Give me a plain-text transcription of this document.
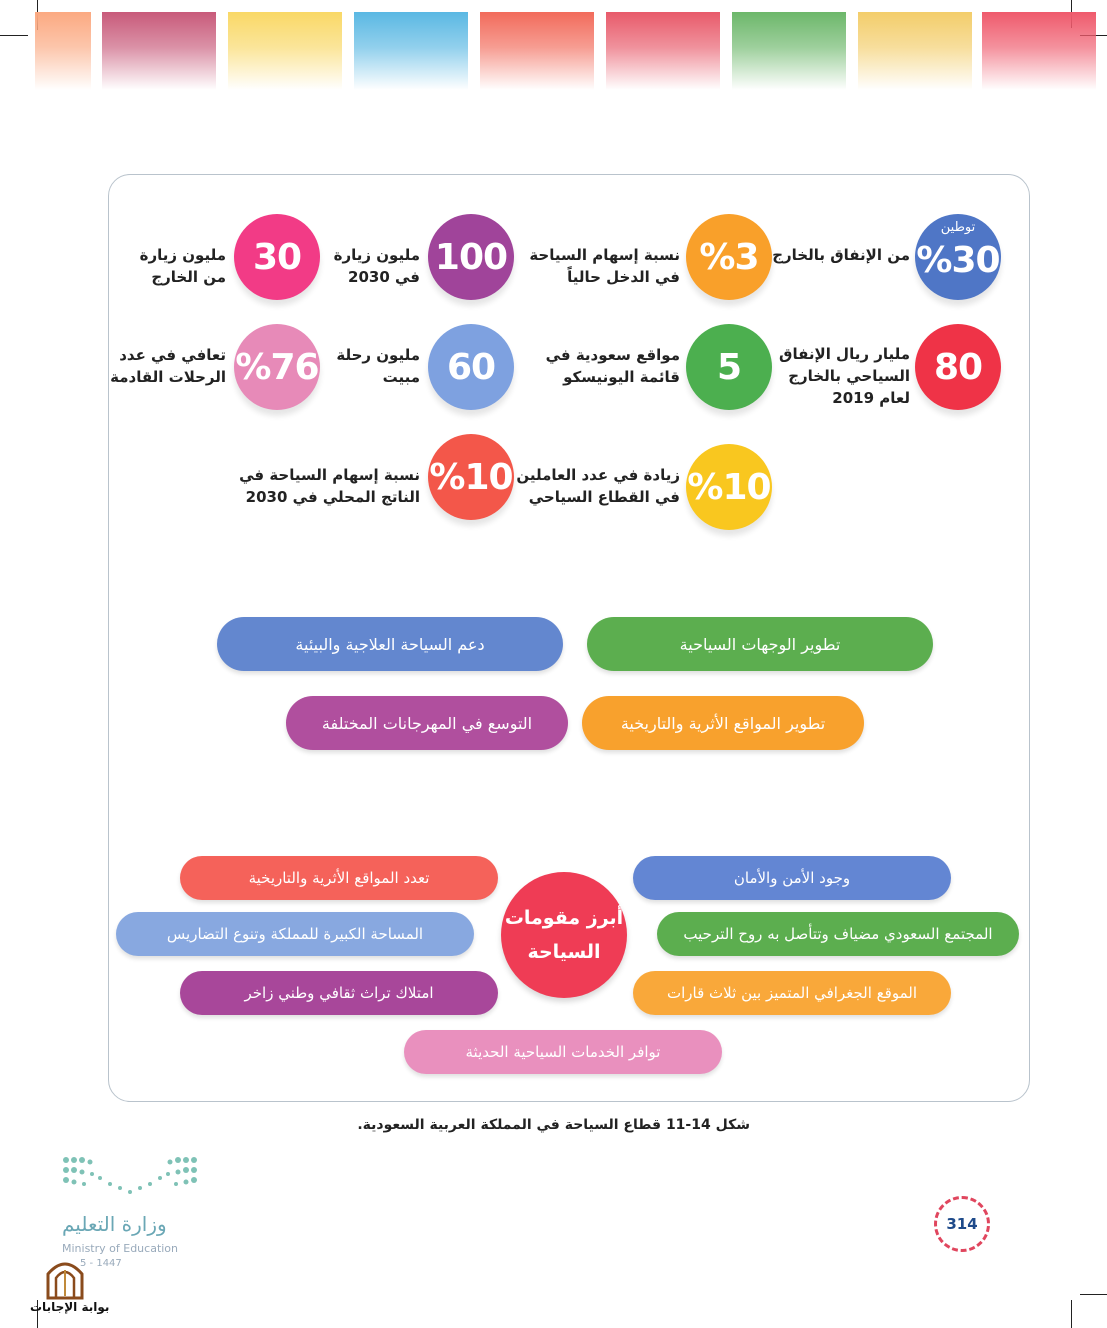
توطين
%30
من الإنفاق بالخارج
%3
نسبة إسهام السياحة
في الدخل حالياً
100
مليون زيارة
في 2030
30
مليون زيارة
من الخارج
80
مليار ريال الإنفاق
السياحي بالخارج
لعام 2019
5
مواقع سعودية في
قائمة اليونيسكو
60
مليون رحلة
مبيت
%76
تعافي في عدد
الرحلات القادمة
%10
زيادة في عدد العاملين
في القطاع السياحي
%10
نسبة إسهام السياحة في
الناتج المحلي في 2030
تطوير الوجهات السياحية
دعم السياحة العلاجية والبيئية
تطوير المواقع الأثرية والتاريخية
التوسع في المهرجانات المختلفة
وجود الأمن والأمان
تعدد المواقع الأثرية والتاريخية
المجتمع السعودي مضياف وتتأصل به روح الترحيب
المساحة الكبيرة للمملكة وتنوع التضاريس
الموقع الجغرافي المتميز بين ثلاث قارات
امتلاك تراث ثقافي وطني زاخر
توافر الخدمات السياحية الحديثة
أبرز مقومات
السياحة
شكل 14-11 قطاع السياحة في المملكة العربية السعودية.
وزارة التعليم
Ministry of Education
5 - 1447
بوابة الإجابات
314
